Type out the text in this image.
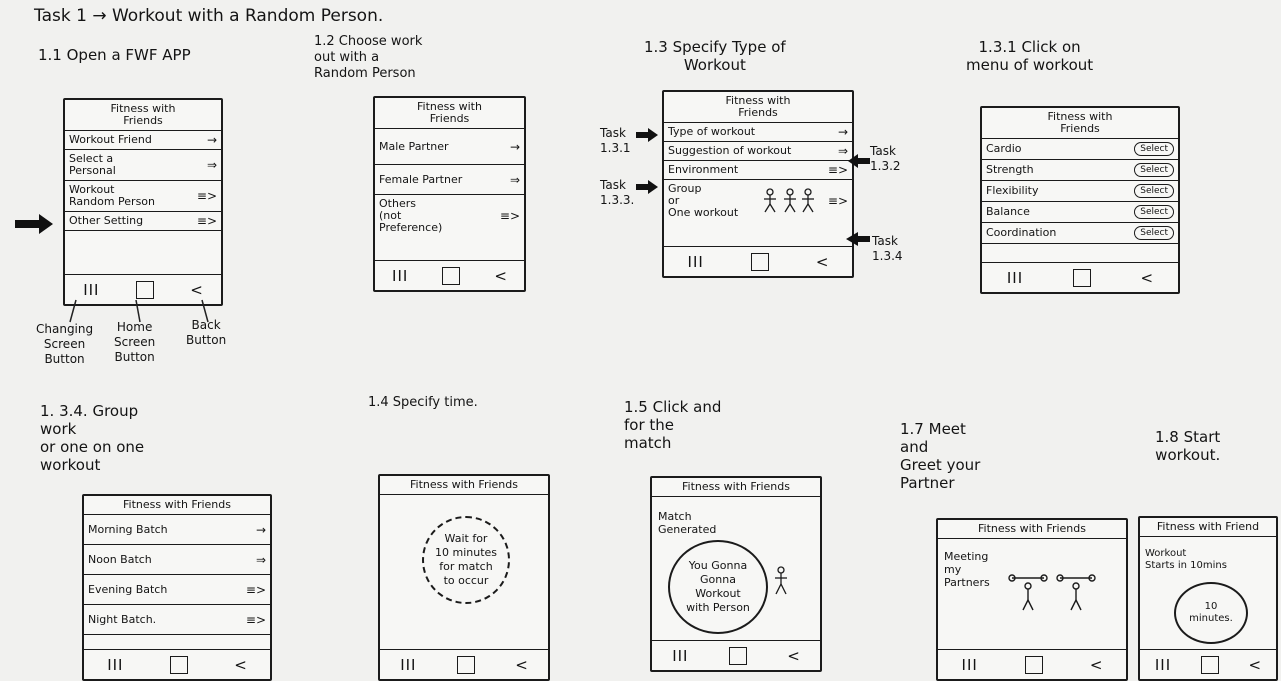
Task 1 → Workout with a Random Person.
1.1 Open a FWF APP
1.2 Choose work
out with a
Random Person
1.3 Specify Type of
Workout
1.3.1 Click on
menu of workout
1. 3.4. Group
work
or one on one
workout
1.4 Specify time.	1.5 Click and
for the
match
1.7 Meet
and
Greet your
Partner
1.8 Start
workout.
Fitness with
Friends
Workout Friend	→
Select a
Personal	⇒
Workout
Random Person	≡>
Other Setting	≡>
III	<
Changing
Screen
Button
Home
Screen
Button
Back
Button
Fitness with
Friends
Male Partner	→
Female Partner	⇒
Others
(not
Preference)
≡>
III	<
Fitness with
Friends
Type of workout	→
Suggestion of workout	⇒
Environment	≡>
Group
or
One workout
≡>
III	<
Task
1.3.1
Task
1.3.3.
Task
1.3.2
Task
1.3.4
Fitness with
Friends
Cardio	Select
Strength	Select
Flexibility	Select
Balance	Select
Coordination	Select
III	<
Fitness with Friends
Morning Batch	→
Noon Batch	⇒
Evening Batch	≡>
Night Batch.	≡>
III	<
Fitness with Friends
Wait for
10 minutes
for match
to occur
III	<
Fitness with Friends
Match
Generated
You Gonna
Gonna
Workout
with Person
III	<
Fitness with Friends
Meeting
my
Partners
III	<
Fitness with Friend
Workout
Starts in 10mins
10
minutes.
III	<
